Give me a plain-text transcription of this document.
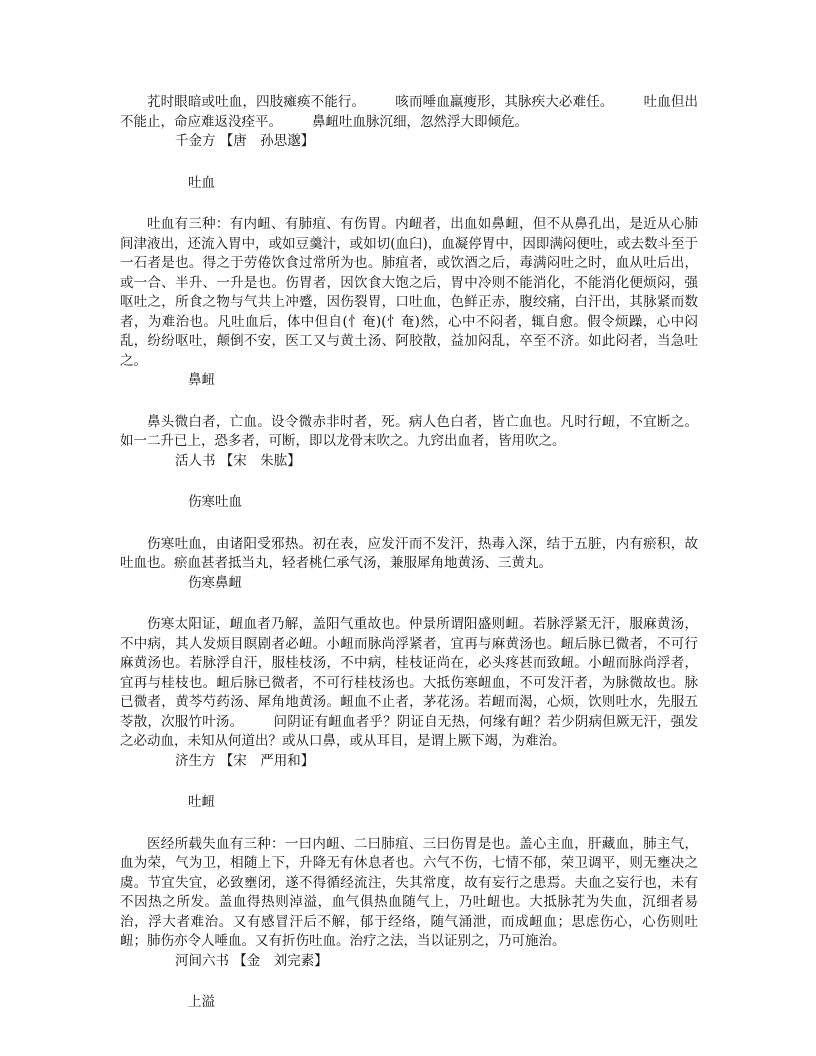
芤时眼暗或吐血，四肢瘫痪不能行。 咳而唾血羸瘦形，其脉疾大必难任。 吐血但出不能止，命应难返没痊平。 鼻衄吐血脉沉细，忽然浮大即倾危。

千金方 【唐　孙思邈】

吐血

吐血有三种：有内衄、有肺疽、有伤胃。内衄者，出血如鼻衄，但不从鼻孔出，是近从心肺间津液出，还流入胃中，或如豆羹汁，或如切(血臼)，血凝停胃中，因即满闷便吐，或去数斗至于一石者是也。得之于劳倦饮食过常所为也。肺疽者，或饮酒之后，毒满闷吐之时，血从吐后出，或一合、半升、一升是也。伤胃者，因饮食大饱之后，胃中冷则不能消化，不能消化便烦闷，强呕吐之，所食之物与气共上冲蹙，因伤裂胃，口吐血，色鲜正赤，腹绞痛，白汗出，其脉紧而数者，为难治也。凡吐血后，体中但自(忄奄)(忄奄)然，心中不闷者，辄自愈。假令烦躁，心中闷乱，纷纷呕吐，颠倒不安，医工又与黄土汤、阿胶散，益加闷乱，卒至不济。如此闷者，当急吐之。

鼻衄

鼻头微白者，亡血。设令微赤非时者，死。病人色白者，皆亡血也。凡时行衄，不宜断之。如一二升已上，恐多者，可断，即以龙骨末吹之。九窍出血者，皆用吹之。

活人书 【宋　朱肱】

伤寒吐血

伤寒吐血，由诸阳受邪热。初在表，应发汗而不发汗，热毒入深，结于五脏，内有瘀积，故吐血也。瘀血甚者抵当丸，轻者桃仁承气汤，兼服犀角地黄汤、三黄丸。

伤寒鼻衄

伤寒太阳证，衄血者乃解，盖阳气重故也。仲景所谓阳盛则衄。若脉浮紧无汗，服麻黄汤，不中病，其人发烦目瞑剧者必衄。小衄而脉尚浮紧者，宜再与麻黄汤也。衄后脉已微者，不可行麻黄汤也。若脉浮自汗，服桂枝汤，不中病，桂枝证尚在，必头疼甚而致衄。小衄而脉尚浮者，宜再与桂枝也。衄后脉已微者，不可行桂枝汤也。大抵伤寒衄血，不可发汗者，为脉微故也。脉已微者，黄芩芍药汤、犀角地黄汤。衄血不止者，茅花汤。若衄而渴，心烦，饮则吐水，先服五苓散，次服竹叶汤。 问阴证有衄血者乎？阴证自无热，何缘有衄？若少阴病但厥无汗，强发之必动血，未知从何道出？或从口鼻，或从耳目，是谓上厥下竭，为难治。

济生方 【宋　严用和】

吐衄

医经所载失血有三种：一曰内衄、二曰肺疽、三曰伤胃是也。盖心主血，肝藏血，肺主气，血为荣，气为卫，相随上下，升降无有休息者也。六气不伤，七情不郁，荣卫调平，则无壅决之虞。节宜失宜，必致壅闭，遂不得循经流注，失其常度，故有妄行之患焉。夫血之妄行也，未有不因热之所发。盖血得热则淖溢，血气俱热血随气上，乃吐衄也。大抵脉芤为失血，沉细者易治，浮大者难治。又有感冒汗后不解，郁于经络，随气涌泄，而成衄血；思虑伤心，心伤则吐衄；肺伤亦令人唾血。又有折伤吐血。治疗之法，当以证别之，乃可施治。

河间六书 【金　刘完素】

上溢
